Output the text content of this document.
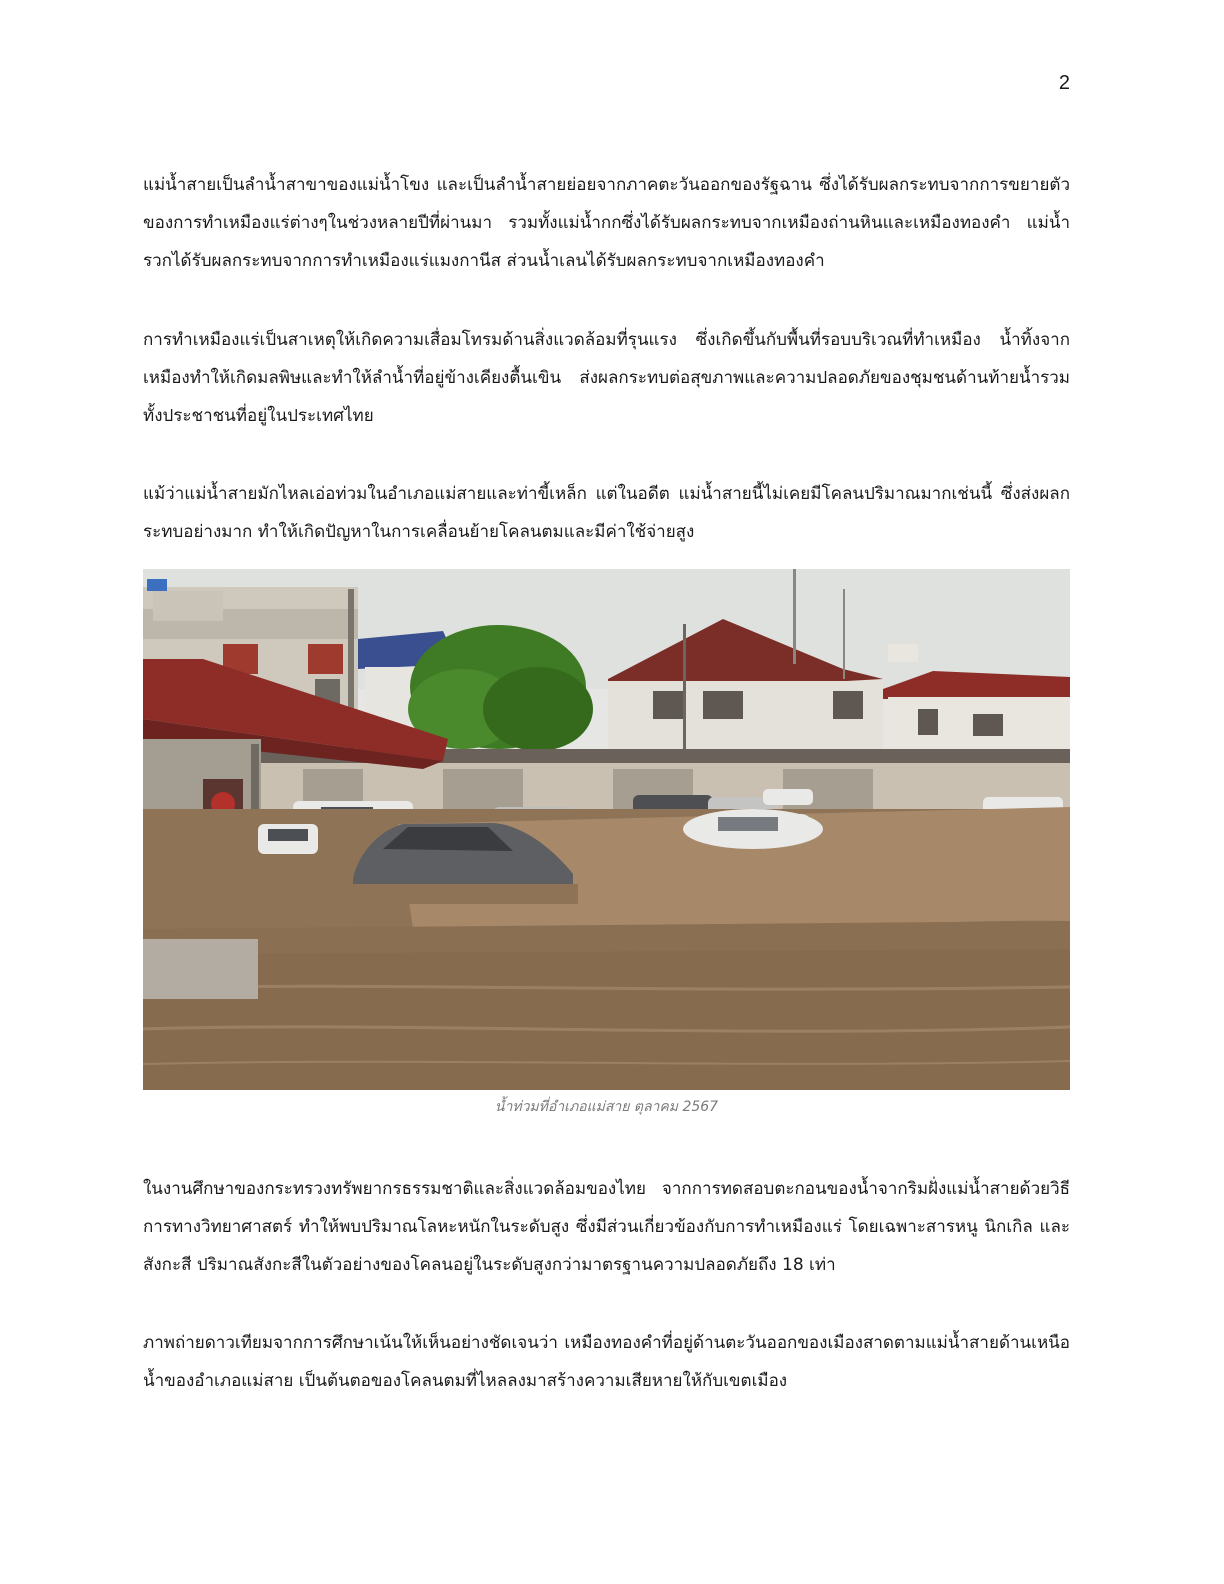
2

แม่น้ำสายเป็นลำน้ำสาขาของแม่น้ำโขง และเป็นลำน้ำสายย่อยจากภาคตะวันออกของรัฐฉาน ซึ่งได้รับผลกระทบจากการขยายตัวของการทำเหมืองแร่ต่างๆในช่วงหลายปีที่ผ่านมา รวมทั้งแม่น้ำกกซึ่งได้รับผลกระทบจากเหมืองถ่านหินและเหมืองทองคำ แม่น้ำรวกได้รับผลกระทบจากการทำเหมืองแร่แมงกานีส ส่วนน้ำเลนได้รับผลกระทบจากเหมืองทองคำ

การทำเหมืองแร่เป็นสาเหตุให้เกิดความเสื่อมโทรมด้านสิ่งแวดล้อมที่รุนแรง ซึ่งเกิดขึ้นกับพื้นที่รอบบริเวณที่ทำเหมือง น้ำทิ้งจากเหมืองทำให้เกิดมลพิษและทำให้ลำน้ำที่อยู่ข้างเคียงตื้นเขิน ส่งผลกระทบต่อสุขภาพและความปลอดภัยของชุมชนด้านท้ายน้ำรวมทั้งประชาชนที่อยู่ในประเทศไทย

แม้ว่าแม่น้ำสายมักไหลเอ่อท่วมในอำเภอแม่สายและท่าขี้เหล็ก แต่ในอดีต แม่น้ำสายนี้ไม่เคยมีโคลนปริมาณมากเช่นนี้ ซึ่งส่งผลกระทบอย่างมาก ทำให้เกิดปัญหาในการเคลื่อนย้ายโคลนตมและมีค่าใช้จ่ายสูง

น้ำท่วมที่อำเภอแม่สาย ตุลาคม 2567

ในงานศึกษาของกระทรวงทรัพยากรธรรมชาติและสิ่งแวดล้อมของไทย จากการทดสอบตะกอนของน้ำจากริมฝั่งแม่น้ำสายด้วยวิธีการทางวิทยาศาสตร์ ทำให้พบปริมาณโลหะหนักในระดับสูง ซึ่งมีส่วนเกี่ยวข้องกับการทำเหมืองแร่ โดยเฉพาะสารหนู นิกเกิล และสังกะสี ปริมาณสังกะสีในตัวอย่างของโคลนอยู่ในระดับสูงกว่ามาตรฐานความปลอดภัยถึง 18 เท่า

ภาพถ่ายดาวเทียมจากการศึกษาเน้นให้เห็นอย่างชัดเจนว่า เหมืองทองคำที่อยู่ด้านตะวันออกของเมืองสาดตามแม่น้ำสายด้านเหนือน้ำของอำเภอแม่สาย เป็นต้นตอของโคลนตมที่ไหลลงมาสร้างความเสียหายให้กับเขตเมือง
